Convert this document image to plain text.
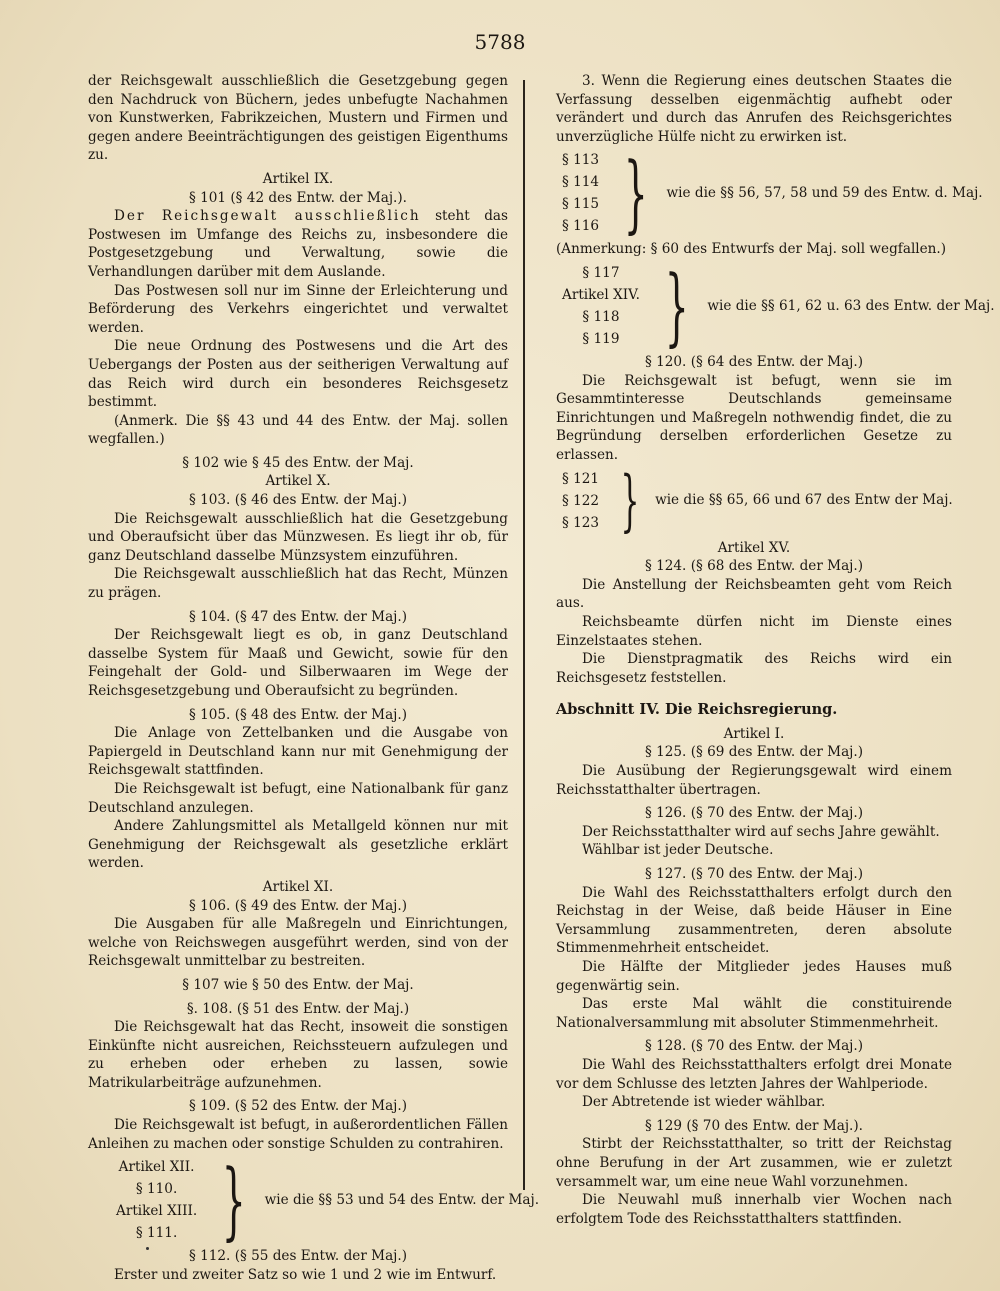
5788

der Reichsgewalt ausschließlich die Gesetzgebung gegen den Nachdruck von Büchern, jedes unbefugte Nachahmen von Kunstwerken, Fabrikzeichen, Mustern und Firmen und gegen andere Beeinträchtigungen des geistigen Eigenthums zu.

Artikel IX.

§ 101 (§ 42 des Entw. der Maj.).

Der Reichsgewalt ausschließlich steht das Postwesen im Umfange des Reichs zu, insbesondere die Postgesetzgebung und Verwaltung, sowie die Verhandlungen darüber mit dem Auslande.

Das Postwesen soll nur im Sinne der Erleichterung und Beförderung des Verkehrs eingerichtet und verwaltet werden.

Die neue Ordnung des Postwesens und die Art des Uebergangs der Posten aus der seitherigen Verwaltung auf das Reich wird durch ein besonderes Reichsgesetz bestimmt.

(Anmerk. Die §§ 43 und 44 des Entw. der Maj. sollen wegfallen.)

§ 102 wie § 45 des Entw. der Maj.

Artikel X.

§ 103. (§ 46 des Entw. der Maj.)

Die Reichsgewalt ausschließlich hat die Gesetzgebung und Oberaufsicht über das Münzwesen. Es liegt ihr ob, für ganz Deutschland dasselbe Münzsystem einzuführen.

Die Reichsgewalt ausschließlich hat das Recht, Münzen zu prägen.

§ 104. (§ 47 des Entw. der Maj.)

Der Reichsgewalt liegt es ob, in ganz Deutschland dasselbe System für Maaß und Gewicht, sowie für den Feingehalt der Gold- und Silberwaaren im Wege der Reichsgesetzgebung und Oberaufsicht zu begründen.

§ 105. (§ 48 des Entw. der Maj.)

Die Anlage von Zettelbanken und die Ausgabe von Papiergeld in Deutschland kann nur mit Genehmigung der Reichsgewalt stattfinden.

Die Reichsgewalt ist befugt, eine Nationalbank für ganz Deutschland anzulegen.

Andere Zahlungsmittel als Metallgeld können nur mit Genehmigung der Reichsgewalt als gesetzliche erklärt werden.

Artikel XI.

§ 106. (§ 49 des Entw. der Maj.)

Die Ausgaben für alle Maßregeln und Einrichtungen, welche von Reichswegen ausgeführt werden, sind von der Reichsgewalt unmittelbar zu bestreiten.

§ 107 wie § 50 des Entw. der Maj.

§. 108. (§ 51 des Entw. der Maj.)

Die Reichsgewalt hat das Recht, insoweit die sonstigen Einkünfte nicht ausreichen, Reichssteuern aufzulegen und zu erheben oder erheben zu lassen, sowie Matrikularbeiträge aufzunehmen.

§ 109. (§ 52 des Entw. der Maj.)

Die Reichsgewalt ist befugt, in außerordentlichen Fällen Anleihen zu machen oder sonstige Schulden zu contrahiren.

Artikel XII.
§ 110.
Artikel XIII.
§ 111. } wie die §§ 53 und 54 des Entw. der Maj.

§ 112. (§ 55 des Entw. der Maj.)

Erster und zweiter Satz so wie 1 und 2 wie im Entwurf.

3. Wenn die Regierung eines deutschen Staates die Verfassung desselben eigenmächtig aufhebt oder verändert und durch das Anrufen des Reichsgerichtes unverzügliche Hülfe nicht zu erwirken ist.

§ 113
§ 114
§ 115
§ 116 } wie die §§ 56, 57, 58 und 59 des Entw. d. Maj.

(Anmerkung: § 60 des Entwurfs der Maj. soll wegfallen.)

§ 117
Artikel XIV.
§ 118
§ 119 } wie die §§ 61, 62 u. 63 des Entw. der Maj.

§ 120. (§ 64 des Entw. der Maj.)

Die Reichsgewalt ist befugt, wenn sie im Gesammtinteresse Deutschlands gemeinsame Einrichtungen und Maßregeln nothwendig findet, die zu Begründung derselben erforderlichen Gesetze zu erlassen.

§ 121
§ 122
§ 123 } wie die §§ 65, 66 und 67 des Entw der Maj.

Artikel XV.

§ 124. (§ 68 des Entw. der Maj.)

Die Anstellung der Reichsbeamten geht vom Reich aus.

Reichsbeamte dürfen nicht im Dienste eines Einzelstaates stehen.

Die Dienstpragmatik des Reichs wird ein Reichsgesetz feststellen.

Abschnitt IV. Die Reichsregierung.

Artikel I.

§ 125. (§ 69 des Entw. der Maj.)

Die Ausübung der Regierungsgewalt wird einem Reichsstatthalter übertragen.

§ 126. (§ 70 des Entw. der Maj.)

Der Reichsstatthalter wird auf sechs Jahre gewählt.

Wählbar ist jeder Deutsche.

§ 127. (§ 70 des Entw. der Maj.)

Die Wahl des Reichsstatthalters erfolgt durch den Reichstag in der Weise, daß beide Häuser in Eine Versammlung zusammentreten, deren absolute Stimmenmehrheit entscheidet.

Die Hälfte der Mitglieder jedes Hauses muß gegenwärtig sein.

Das erste Mal wählt die constituirende Nationalversammlung mit absoluter Stimmenmehrheit.

§ 128. (§ 70 des Entw. der Maj.)

Die Wahl des Reichsstatthalters erfolgt drei Monate vor dem Schlusse des letzten Jahres der Wahlperiode.

Der Abtretende ist wieder wählbar.

§ 129 (§ 70 des Entw. der Maj.).

Stirbt der Reichsstatthalter, so tritt der Reichstag ohne Berufung in der Art zusammen, wie er zuletzt versammelt war, um eine neue Wahl vorzunehmen.

Die Neuwahl muß innerhalb vier Wochen nach erfolgtem Tode des Reichsstatthalters stattfinden.
